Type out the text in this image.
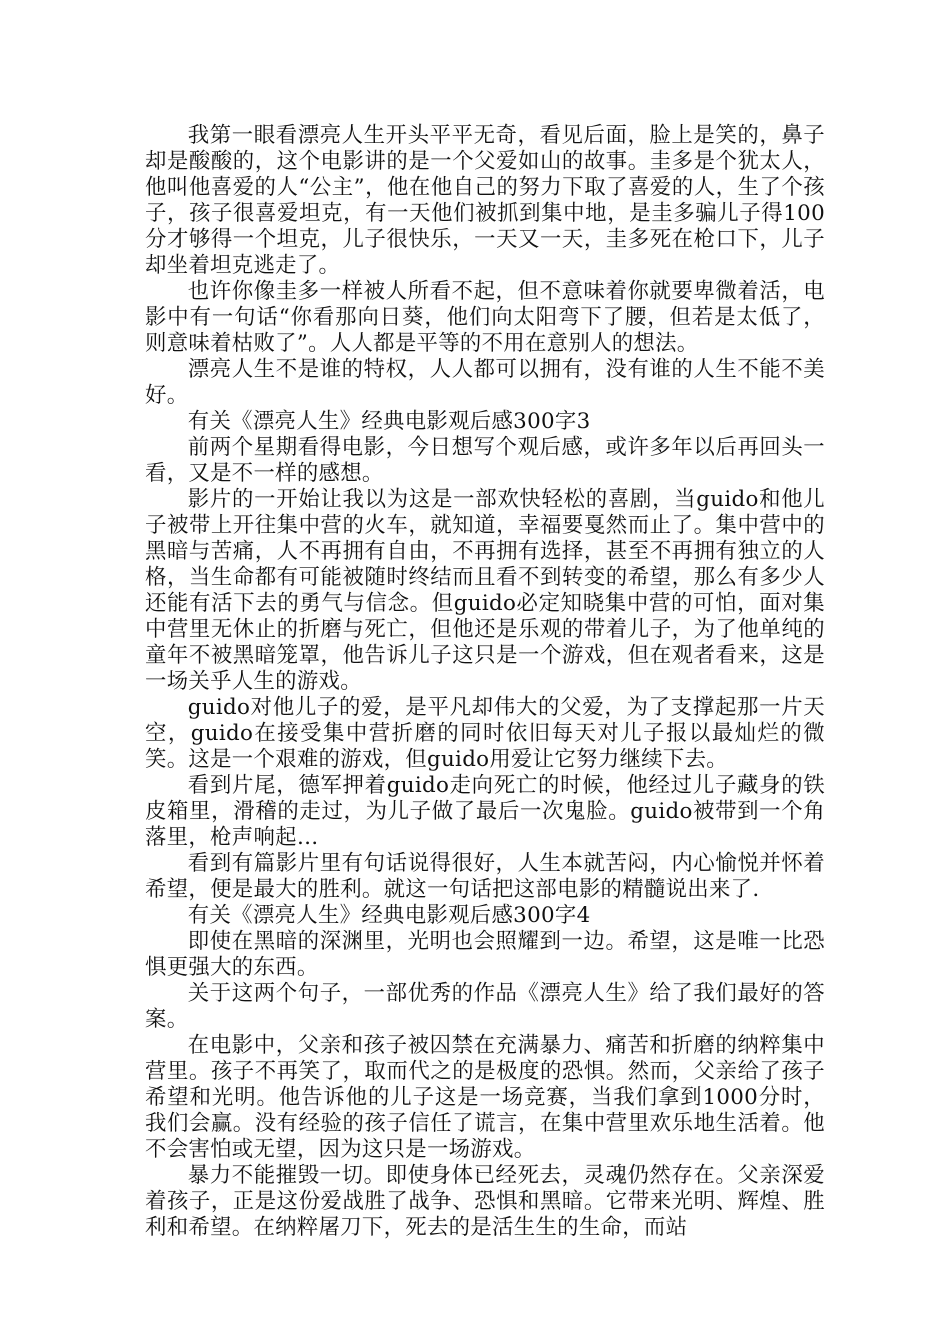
我第一眼看漂亮人生开头平平无奇，看见后面，脸上是笑的，鼻子却是酸酸的，这个电影讲的是一个父爱如山的故事。圭多是个犹太人，他叫他喜爱的人“公主”，他在他自己的努力下取了喜爱的人，生了个孩子，孩子很喜爱坦克，有一天他们被抓到集中地，是圭多骗儿子得100分才够得一个坦克，儿子很快乐，一天又一天，圭多死在枪口下，儿子却坐着坦克逃走了。

也许你像圭多一样被人所看不起，但不意味着你就要卑微着活，电影中有一句话“你看那向日葵，他们向太阳弯下了腰，但若是太低了，则意味着枯败了”。人人都是平等的不用在意别人的想法。

漂亮人生不是谁的特权，人人都可以拥有，没有谁的人生不能不美好。

有关《漂亮人生》经典电影观后感300字3

前两个星期看得电影，今日想写个观后感，或许多年以后再回头一看，又是不一样的感想。

影片的一开始让我以为这是一部欢快轻松的喜剧，当guido和他儿子被带上开往集中营的火车，就知道，幸福要戛然而止了。集中营中的黑暗与苦痛，人不再拥有自由，不再拥有选择，甚至不再拥有独立的人格，当生命都有可能被随时终结而且看不到转变的希望，那么有多少人还能有活下去的勇气与信念。但guido必定知晓集中营的可怕，面对集中营里无休止的折磨与死亡，但他还是乐观的带着儿子，为了他单纯的童年不被黑暗笼罩，他告诉儿子这只是一个游戏，但在观者看来，这是一场关乎人生的游戏。

guido对他儿子的爱，是平凡却伟大的父爱，为了支撑起那一片天空，guido在接受集中营折磨的同时依旧每天对儿子报以最灿烂的微笑。这是一个艰难的游戏，但guido用爱让它努力继续下去。

看到片尾，德军押着guido走向死亡的时候，他经过儿子藏身的铁皮箱里，滑稽的走过，为儿子做了最后一次鬼脸。guido被带到一个角落里，枪声响起…

看到有篇影片里有句话说得很好，人生本就苦闷，内心愉悦并怀着希望，便是最大的胜利。就这一句话把这部电影的精髓说出来了.

有关《漂亮人生》经典电影观后感300字4

即使在黑暗的深渊里，光明也会照耀到一边。希望，这是唯一比恐惧更强大的东西。

关于这两个句子，一部优秀的作品《漂亮人生》给了我们最好的答案。

在电影中，父亲和孩子被囚禁在充满暴力、痛苦和折磨的纳粹集中营里。孩子不再笑了，取而代之的是极度的恐惧。然而，父亲给了孩子希望和光明。他告诉他的儿子这是一场竞赛，当我们拿到1000分时，我们会赢。没有经验的孩子信任了谎言，在集中营里欢乐地生活着。他不会害怕或无望，因为这只是一场游戏。

暴力不能摧毁一切。即使身体已经死去，灵魂仍然存在。父亲深爱着孩子，正是这份爱战胜了战争、恐惧和黑暗。它带来光明、辉煌、胜利和希望。在纳粹屠刀下，死去的是活生生的生命，而站
